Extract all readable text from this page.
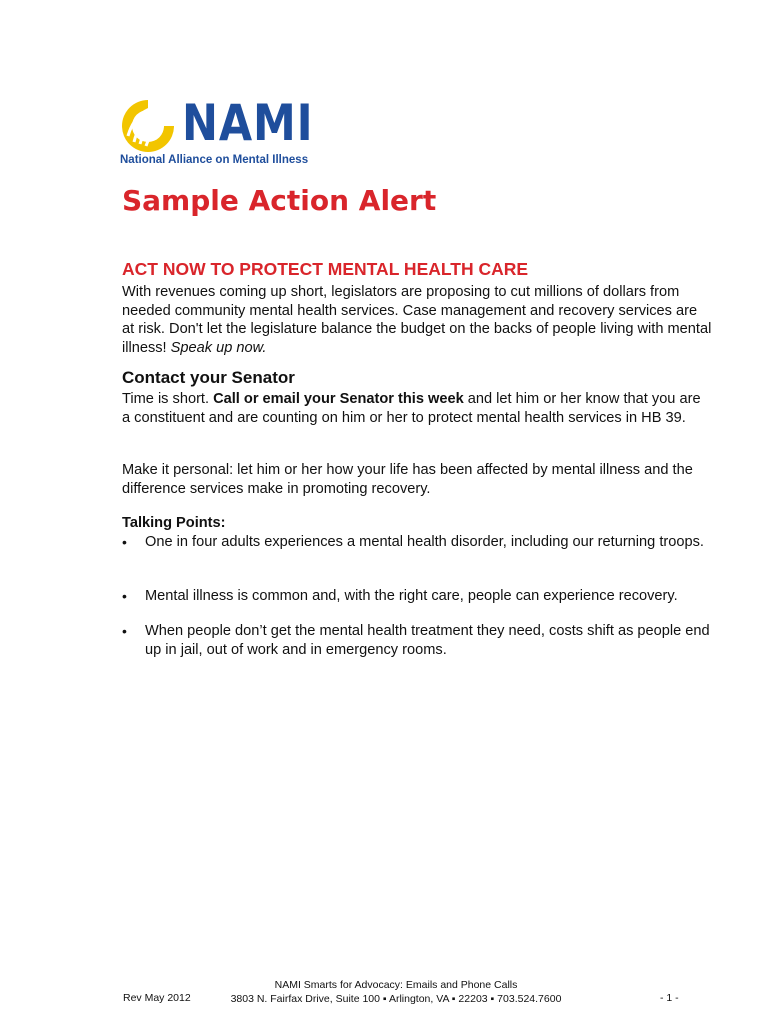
NAMI
National Alliance on Mental Illness
Sample Action Alert
ACT NOW TO PROTECT MENTAL HEALTH CARE
With revenues coming up short, legislators are proposing to cut millions of dollars from needed community mental health services. Case management and recovery services are at risk. Don't let the legislature balance the budget on the backs of people living with mental illness! Speak up now.
Contact your Senator
Time is short. Call or email your Senator this week and let him or her know that you are a constituent and are counting on him or her to protect mental health services in HB 39.
Make it personal: let him or her how your life has been affected by mental illness and the difference services make in promoting recovery.
Talking Points:
•	One in four adults experiences a mental health disorder, including our returning troops.
•	Mental illness is common and, with the right care, people can experience recovery.
•	When people don’t get the mental health treatment they need, costs shift as people end up in jail, out of work and in emergency rooms.
Rev May 2012
NAMI Smarts for Advocacy: Emails and Phone Calls
3803 N. Fairfax Drive, Suite 100 ▪ Arlington, VA ▪ 22203 ▪ 703.524.7600	- 1 -
